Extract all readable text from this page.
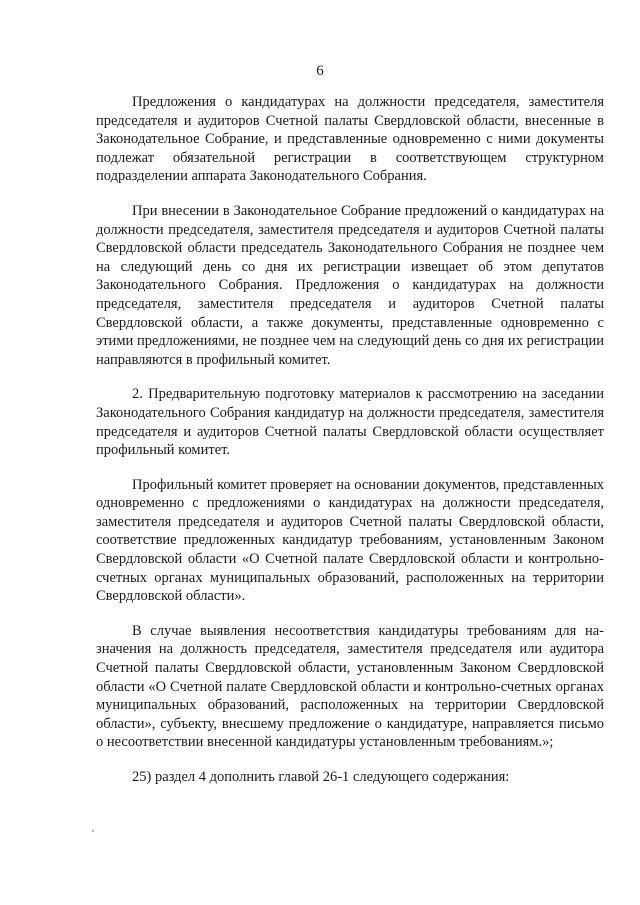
6

Предложения о кандидатурах на должности председателя, заместителя председателя и аудиторов Счетной палаты Свердловской области, внесенные в Законодательное Собрание, и представленные одновременно с ними документы подлежат обязательной регистрации в соответствующем структурном подразделении аппарата Законодательного Собрания.

При внесении в Законодательное Собрание предложений о кандидатурах на должности председателя, заместителя председателя и аудиторов Счетной палаты Свердловской области председатель Законодательного Собрания не позднее чем на следующий день со дня их регистрации извещает об этом депутатов Законодательного Собрания. Предложения о кандидатурах на должности председателя, заместителя председателя и аудиторов Счетной палаты Свердловской области, а также документы, представленные одновременно с этими предложениями, не позднее чем на следующий день со дня их регистрации направляются в профильный комитет.

2. Предварительную подготовку материалов к рассмотрению на заседании Законодательного Собрания кандидатур на должности председателя, заместителя председателя и аудиторов Счетной палаты Свердловской области осуществляет профильный комитет.

Профильный комитет проверяет на основании документов, представленных одновременно с предложениями о кандидатурах на должности председателя, заместителя председателя и аудиторов Счетной палаты Свердловской области, соответствие предложенных кандидатур требованиям, установленным Законом Свердловской области «О Счетной палате Свердловской области и контрольно-счетных органах муниципальных образований, расположенных на территории Свердловской области».

В случае выявления несоответствия кандидатуры требованиям для назначения на должность председателя, заместителя председателя или аудитора Счетной палаты Свердловской области, установленным Законом Свердловской области «О Счетной палате Свердловской области и контрольно-счетных органах муниципальных образований, расположенных на территории Свердловской области», субъекту, внесшему предложение о кандидатуре, направляется письмо о несоответствии внесенной кандидатуры установленным требованиям.»;

25) раздел 4 дополнить главой 26-1 следующего содержания:
